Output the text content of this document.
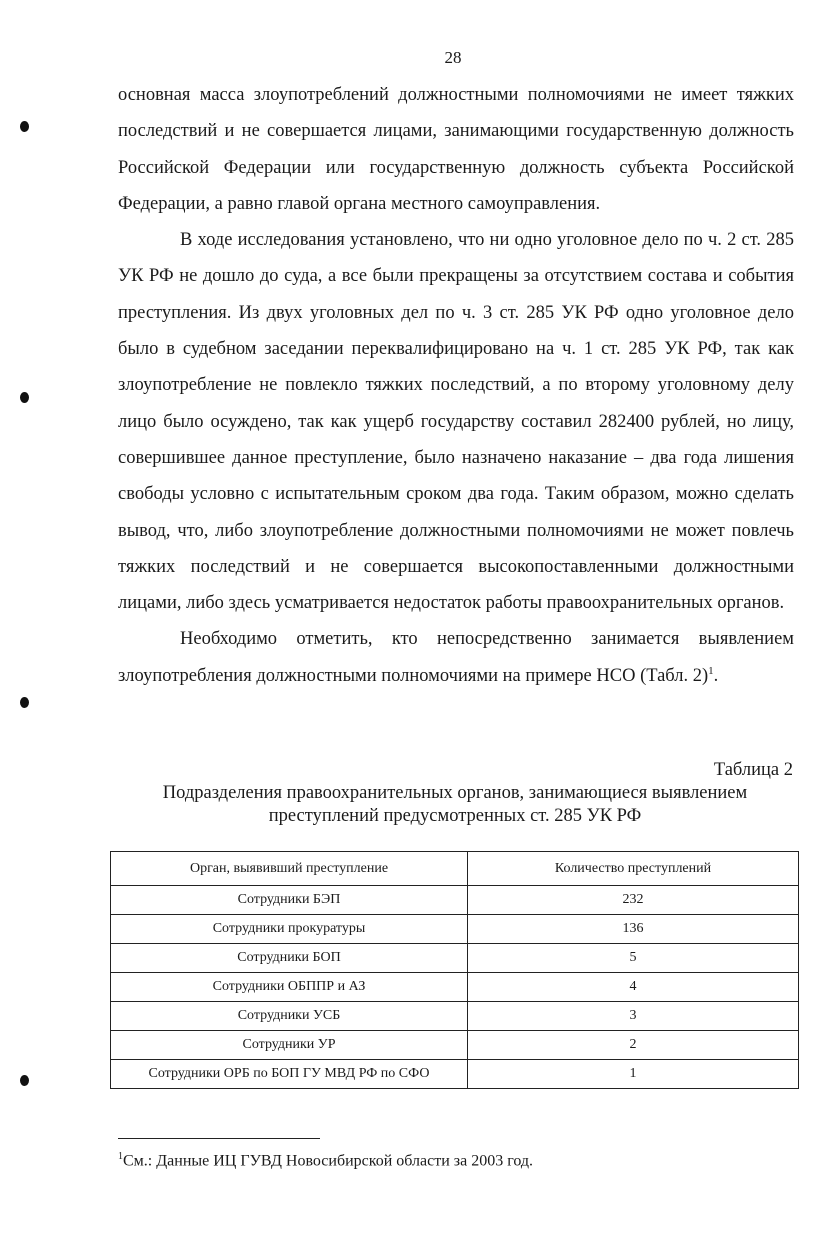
28

основная масса злоупотреблений должностными полномочиями не имеет тяжких последствий и не совершается лицами, занимающими государственную должность Российской Федерации или государственную должность субъекта Российской Федерации, а равно главой органа местного самоуправления.

В ходе исследования установлено, что ни одно уголовное дело по ч. 2 ст. 285 УК РФ не дошло до суда, а все были прекращены за отсутствием состава и события преступления. Из двух уголовных дел по ч. 3 ст. 285 УК РФ одно уголовное дело было в судебном заседании переквалифицировано на ч. 1 ст. 285 УК РФ, так как злоупотребление не повлекло тяжких последствий, а по второму уголовному делу лицо было осуждено, так как ущерб государству составил 282400 рублей, но лицу, совершившее данное преступление, было назначено наказание – два года лишения свободы условно с испытательным сроком два года. Таким образом, можно сделать вывод, что, либо злоупотребление должностными полномочиями не может повлечь тяжких последствий и не совершается высокопоставленными должностными лицами, либо здесь усматривается недостаток работы правоохранительных органов.

Необходимо отметить, кто непосредственно занимается выявлением злоупотребления должностными полномочиями на примере НСО (Табл. 2)$^1$.

Таблица 2
Подразделения правоохранительных органов, занимающиеся выявлением
преступлений предусмотренных ст. 285 УК РФ
Орган, выявивший преступление	Количество преступлений
Сотрудники БЭП	232
Сотрудники прокуратуры	136
Сотрудники БОП	5
Сотрудники ОБППР и АЗ	4
Сотрудники УСБ	3
Сотрудники УР	2
Сотрудники ОРБ по БОП ГУ МВД РФ по СФО	1
$^1$См.: Данные ИЦ ГУВД Новосибирской области за 2003 год.
